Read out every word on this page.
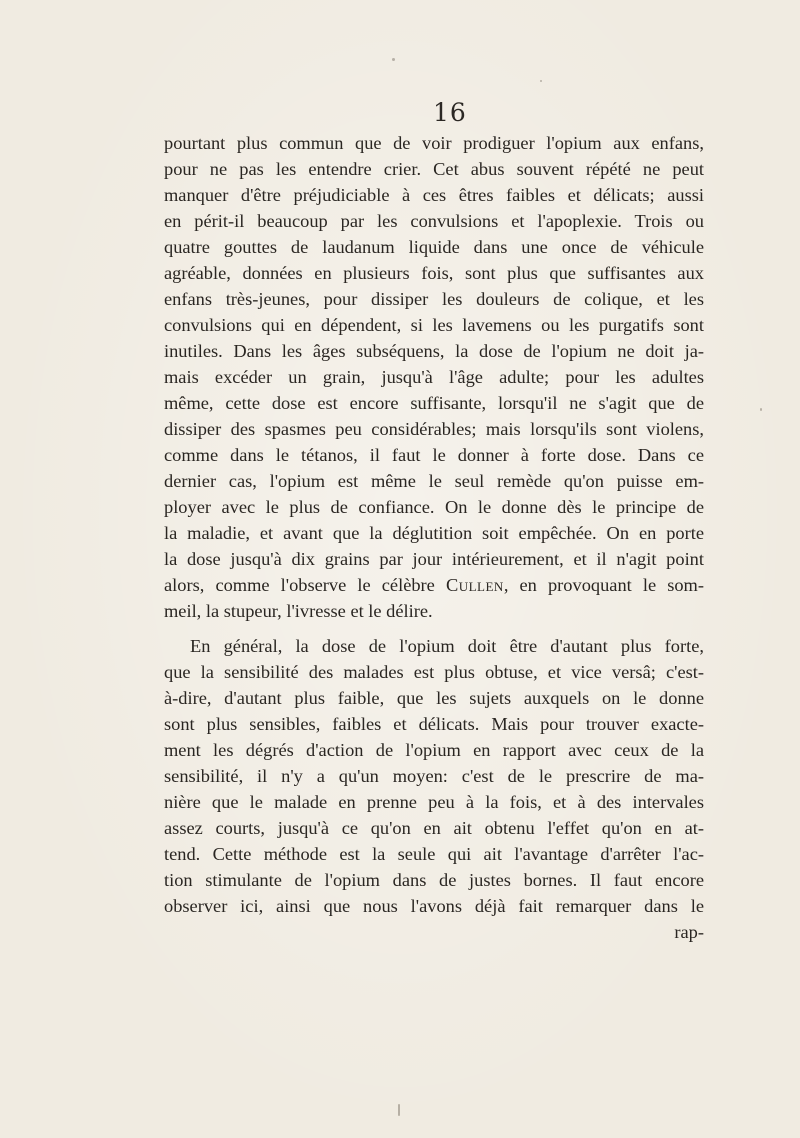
16
pourtant plus commun que de voir prodiguer l'opium aux enfans,
pour ne pas les entendre crier. Cet abus souvent répété ne peut
manquer d'être préjudiciable à ces êtres faibles et délicats; aussi
en périt-il beaucoup par les convulsions et l'apoplexie. Trois ou
quatre gouttes de laudanum liquide dans une once de véhicule
agréable, données en plusieurs fois, sont plus que suffisantes aux
enfans très-jeunes, pour dissiper les douleurs de colique, et les
convulsions qui en dépendent, si les lavemens ou les purgatifs sont
inutiles. Dans les âges subséquens, la dose de l'opium ne doit ja-
mais excéder un grain, jusqu'à l'âge adulte; pour les adultes
même, cette dose est encore suffisante, lorsqu'il ne s'agit que de
dissiper des spasmes peu considérables; mais lorsqu'ils sont violens,
comme dans le tétanos, il faut le donner à forte dose. Dans ce
dernier cas, l'opium est même le seul remède qu'on puisse em-
ployer avec le plus de confiance. On le donne dès le principe de
la maladie, et avant que la déglutition soit empêchée. On en porte
la dose jusqu'à dix grains par jour intérieurement, et il n'agit point
alors, comme l'observe le célèbre Cullen, en provoquant le som-
meil, la stupeur, l'ivresse et le délire.
En général, la dose de l'opium doit être d'autant plus forte,
que la sensibilité des malades est plus obtuse, et vice versâ; c'est-
à-dire, d'autant plus faible, que les sujets auxquels on le donne
sont plus sensibles, faibles et délicats. Mais pour trouver exacte-
ment les dégrés d'action de l'opium en rapport avec ceux de la
sensibilité, il n'y a qu'un moyen: c'est de le prescrire de ma-
nière que le malade en prenne peu à la fois, et à des intervales
assez courts, jusqu'à ce qu'on en ait obtenu l'effet qu'on en at-
tend. Cette méthode est la seule qui ait l'avantage d'arrêter l'ac-
tion stimulante de l'opium dans de justes bornes. Il faut encore
observer ici, ainsi que nous l'avons déjà fait remarquer dans le
rap-
